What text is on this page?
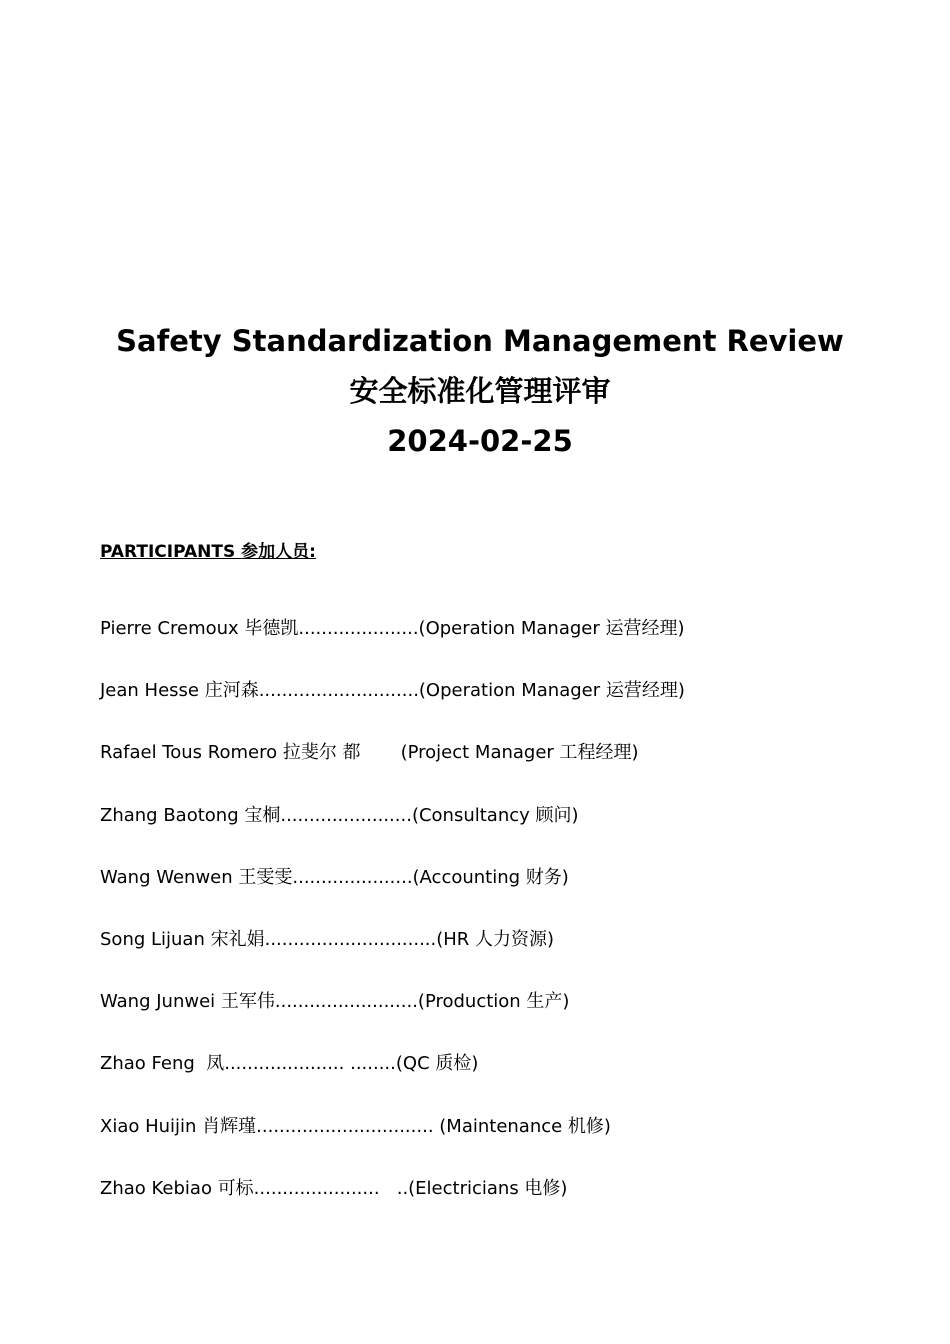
Safety Standardization Management Review
安全标准化管理评审
2024-02-25
PARTICIPANTS 参加人员:
Pierre Cremoux 毕德凯.....................(Operation Manager 运营经理)
Jean Hesse 庄河森............................(Operation Manager 运营经理)
Rafael Tous Romero 拉斐尔 都       (Project Manager 工程经理)
Zhang Baotong 宝桐.......................(Consultancy 顾问)
Wang Wenwen 王雯雯.....................(Accounting 财务)
Song Lijuan 宋礼娟..............................(HR 人力资源)
Wang Junwei 王军伟.........................(Production 生产)
Zhao Feng  凤..................... ........(QC 质检)
Xiao Huijin 肖辉瑾............................... (Maintenance 机修)
Zhao Kebiao 可标......................   ..(Electricians 电修)
